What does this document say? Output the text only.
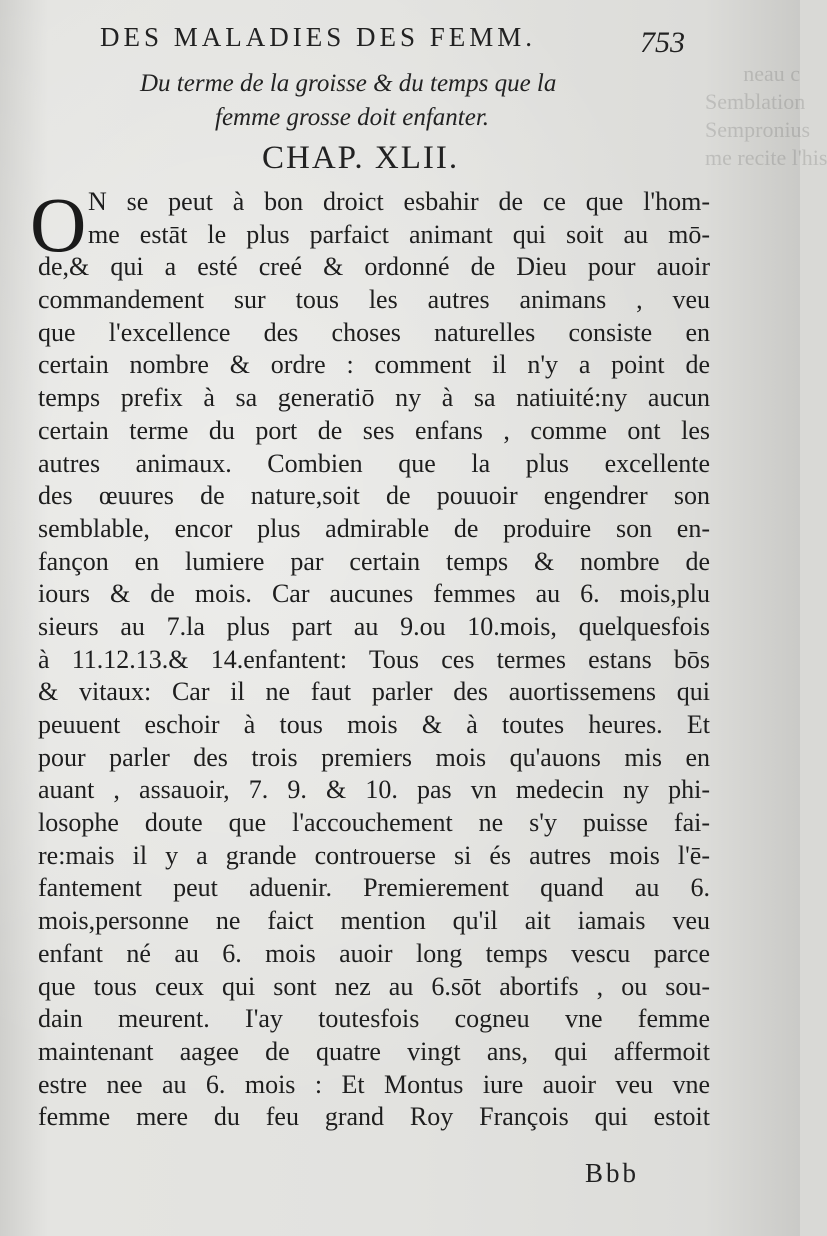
neau c
Semblation
Sempronius
me recite l'his
DES MALADIES DES FEMM.	753
Du terme de la groisse & du temps que la
femme grosse doit enfanter.
CHAP. XLII.
O N se peut à bon droict esbahir de ce que l'hom-
me estāt le plus parfaict animant qui soit au mō-
de,& qui a esté creé & ordonné de Dieu pour auoir
commandement sur tous les autres animans , veu
que l'excellence des choses naturelles consiste en
certain nombre & ordre : comment il n'y a point de
temps prefix à sa generatiō ny à sa natiuité:ny aucun
certain terme du port de ses enfans , comme ont les
autres animaux. Combien que la plus excellente
des œuures de nature,soit de pouuoir engendrer son
semblable, encor plus admirable de produire son en-
fançon en lumiere par certain temps & nombre de
iours & de mois. Car aucunes femmes au 6. mois,plu
sieurs au 7.la plus part au 9.ou 10.mois, quelquesfois
à 11.12.13.& 14.enfantent: Tous ces termes estans bōs
& vitaux: Car il ne faut parler des auortissemens qui
peuuent eschoir à tous mois & à toutes heures. Et
pour parler des trois premiers mois qu'auons mis en
auant , assauoir, 7. 9. & 10. pas vn medecin ny phi-
losophe doute que l'accouchement ne s'y puisse fai-
re:mais il y a grande controuerse si és autres mois l'ē-
fantement peut aduenir. Premierement quand au 6.
mois,personne ne faict mention qu'il ait iamais veu
enfant né au 6. mois auoir long temps vescu parce
que tous ceux qui sont nez au 6.sōt abortifs , ou sou-
dain meurent. I'ay toutesfois cogneu vne femme
maintenant aagee de quatre vingt ans, qui affermoit
estre nee au 6. mois : Et Montus iure auoir veu vne
femme mere du feu grand Roy François qui estoit
Bbb
